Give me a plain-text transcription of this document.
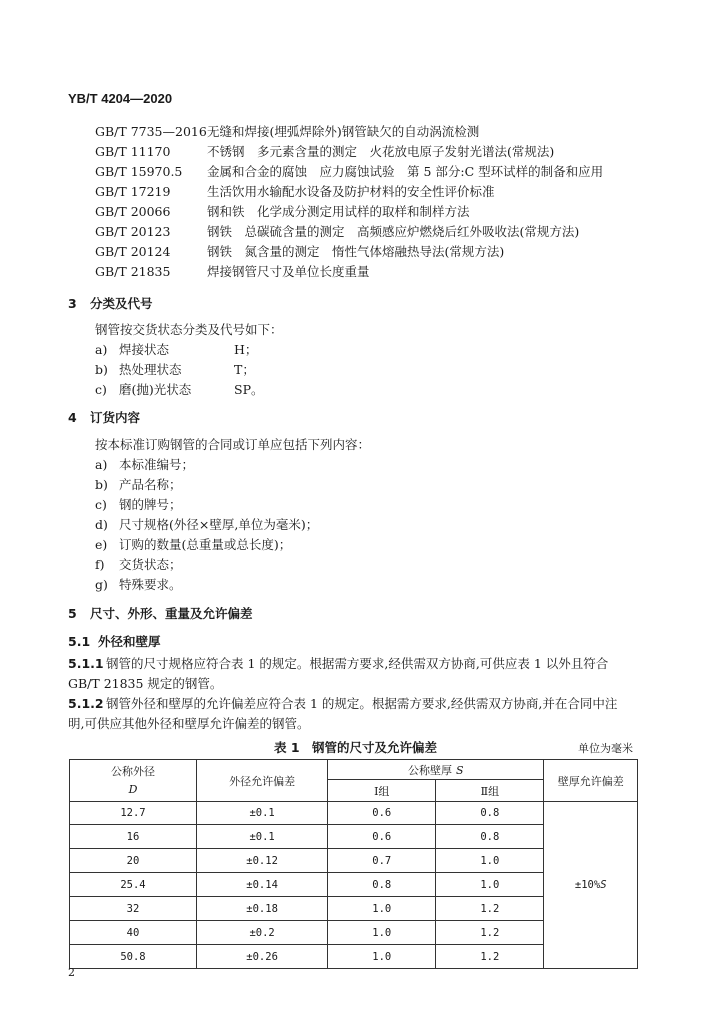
YB/T 4204—2020
GB/T 7735—2016无缝和焊接(埋弧焊除外)钢管缺欠的自动涡流检测
GB/T 11170	不锈钢　多元素含量的测定　火花放电原子发射光谱法(常规法)
GB/T 15970.5 金属和合金的腐蚀　应力腐蚀试验　第 5 部分:C 型环试样的制备和应用
GB/T 17219	生活饮用水输配水设备及防护材料的安全性评价标准
GB/T 20066	钢和铁　化学成分测定用试样的取样和制样方法
GB/T 20123	钢铁　总碳硫含量的测定　高频感应炉燃烧后红外吸收法(常规方法)
GB/T 20124	钢铁　氮含量的测定　惰性气体熔融热导法(常规方法)
GB/T 21835	焊接钢管尺寸及单位长度重量
3 分类及代号
钢管按交货状态分类及代号如下：
a) 焊接状态	H；
b) 热处理状态	T；
c) 磨(抛)光状态	SP。
4 订货内容
按本标准订购钢管的合同或订单应包括下列内容：
a) 本标准编号；
b) 产品名称；
c) 钢的牌号；
d) 尺寸规格(外径×壁厚,单位为毫米)；
e) 订购的数量(总重量或总长度)；
f) 交货状态；
g) 特殊要求。
5 尺寸、外形、重量及允许偏差
5.1 外径和壁厚
5.1.1 钢管的尺寸规格应符合表 1 的规定。根据需方要求,经供需双方协商,可供应表 1 以外且符合
GB/T 21835 规定的钢管。
5.1.2 钢管外径和壁厚的允许偏差应符合表 1 的规定。根据需方要求,经供需双方协商,并在合同中注
明,可供应其他外径和壁厚允许偏差的钢管。
表 1　钢管的尺寸及允许偏差	单位为毫米
公称外径
D	外径允许偏差	公称壁厚 S		壁厚允许偏差
		Ⅰ组	Ⅱ组	
12.7	±0.1	0.6	0.8	±10%S
16	±0.1	0.6	0.8	
20	±0.12	0.7	1.0	
25.4	±0.14	0.8	1.0	
32	±0.18	1.0	1.2	
40	±0.2	1.0	1.2	
50.8	±0.26	1.0	1.2	
2
